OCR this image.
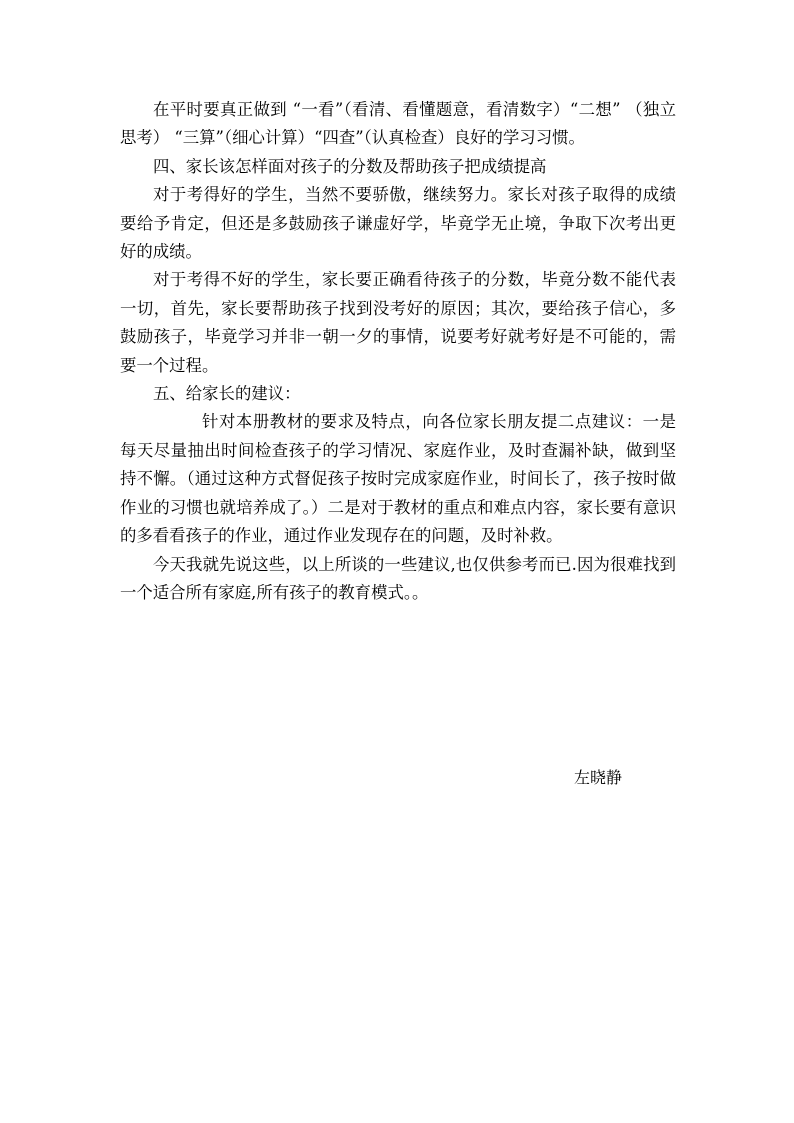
在平时要真正做到 “一看”（看清、看懂题意，看清数字）“二想” （独立思考） “三算”（细心计算）“四查”（认真检查）良好的学习习惯。

四、家长该怎样面对孩子的分数及帮助孩子把成绩提高

对于考得好的学生，当然不要骄傲，继续努力。家长对孩子取得的成绩要给予肯定，但还是多鼓励孩子谦虚好学，毕竟学无止境，争取下次考出更好的成绩。

对于考得不好的学生，家长要正确看待孩子的分数，毕竟分数不能代表一切，首先，家长要帮助孩子找到没考好的原因；其次，要给孩子信心，多鼓励孩子，毕竟学习并非一朝一夕的事情，说要考好就考好是不可能的，需要一个过程。

五、给家长的建议：

针对本册教材的要求及特点，向各位家长朋友提二点建议：一是每天尽量抽出时间检查孩子的学习情况、家庭作业，及时查漏补缺，做到坚持不懈。（通过这种方式督促孩子按时完成家庭作业，时间长了，孩子按时做作业的习惯也就培养成了。）二是对于教材的重点和难点内容，家长要有意识的多看看孩子的作业，通过作业发现存在的问题，及时补救。

今天我就先说这些，以上所谈的一些建议,也仅供参考而已.因为很难找到一个适合所有家庭,所有孩子的教育模式。。

左晓静
